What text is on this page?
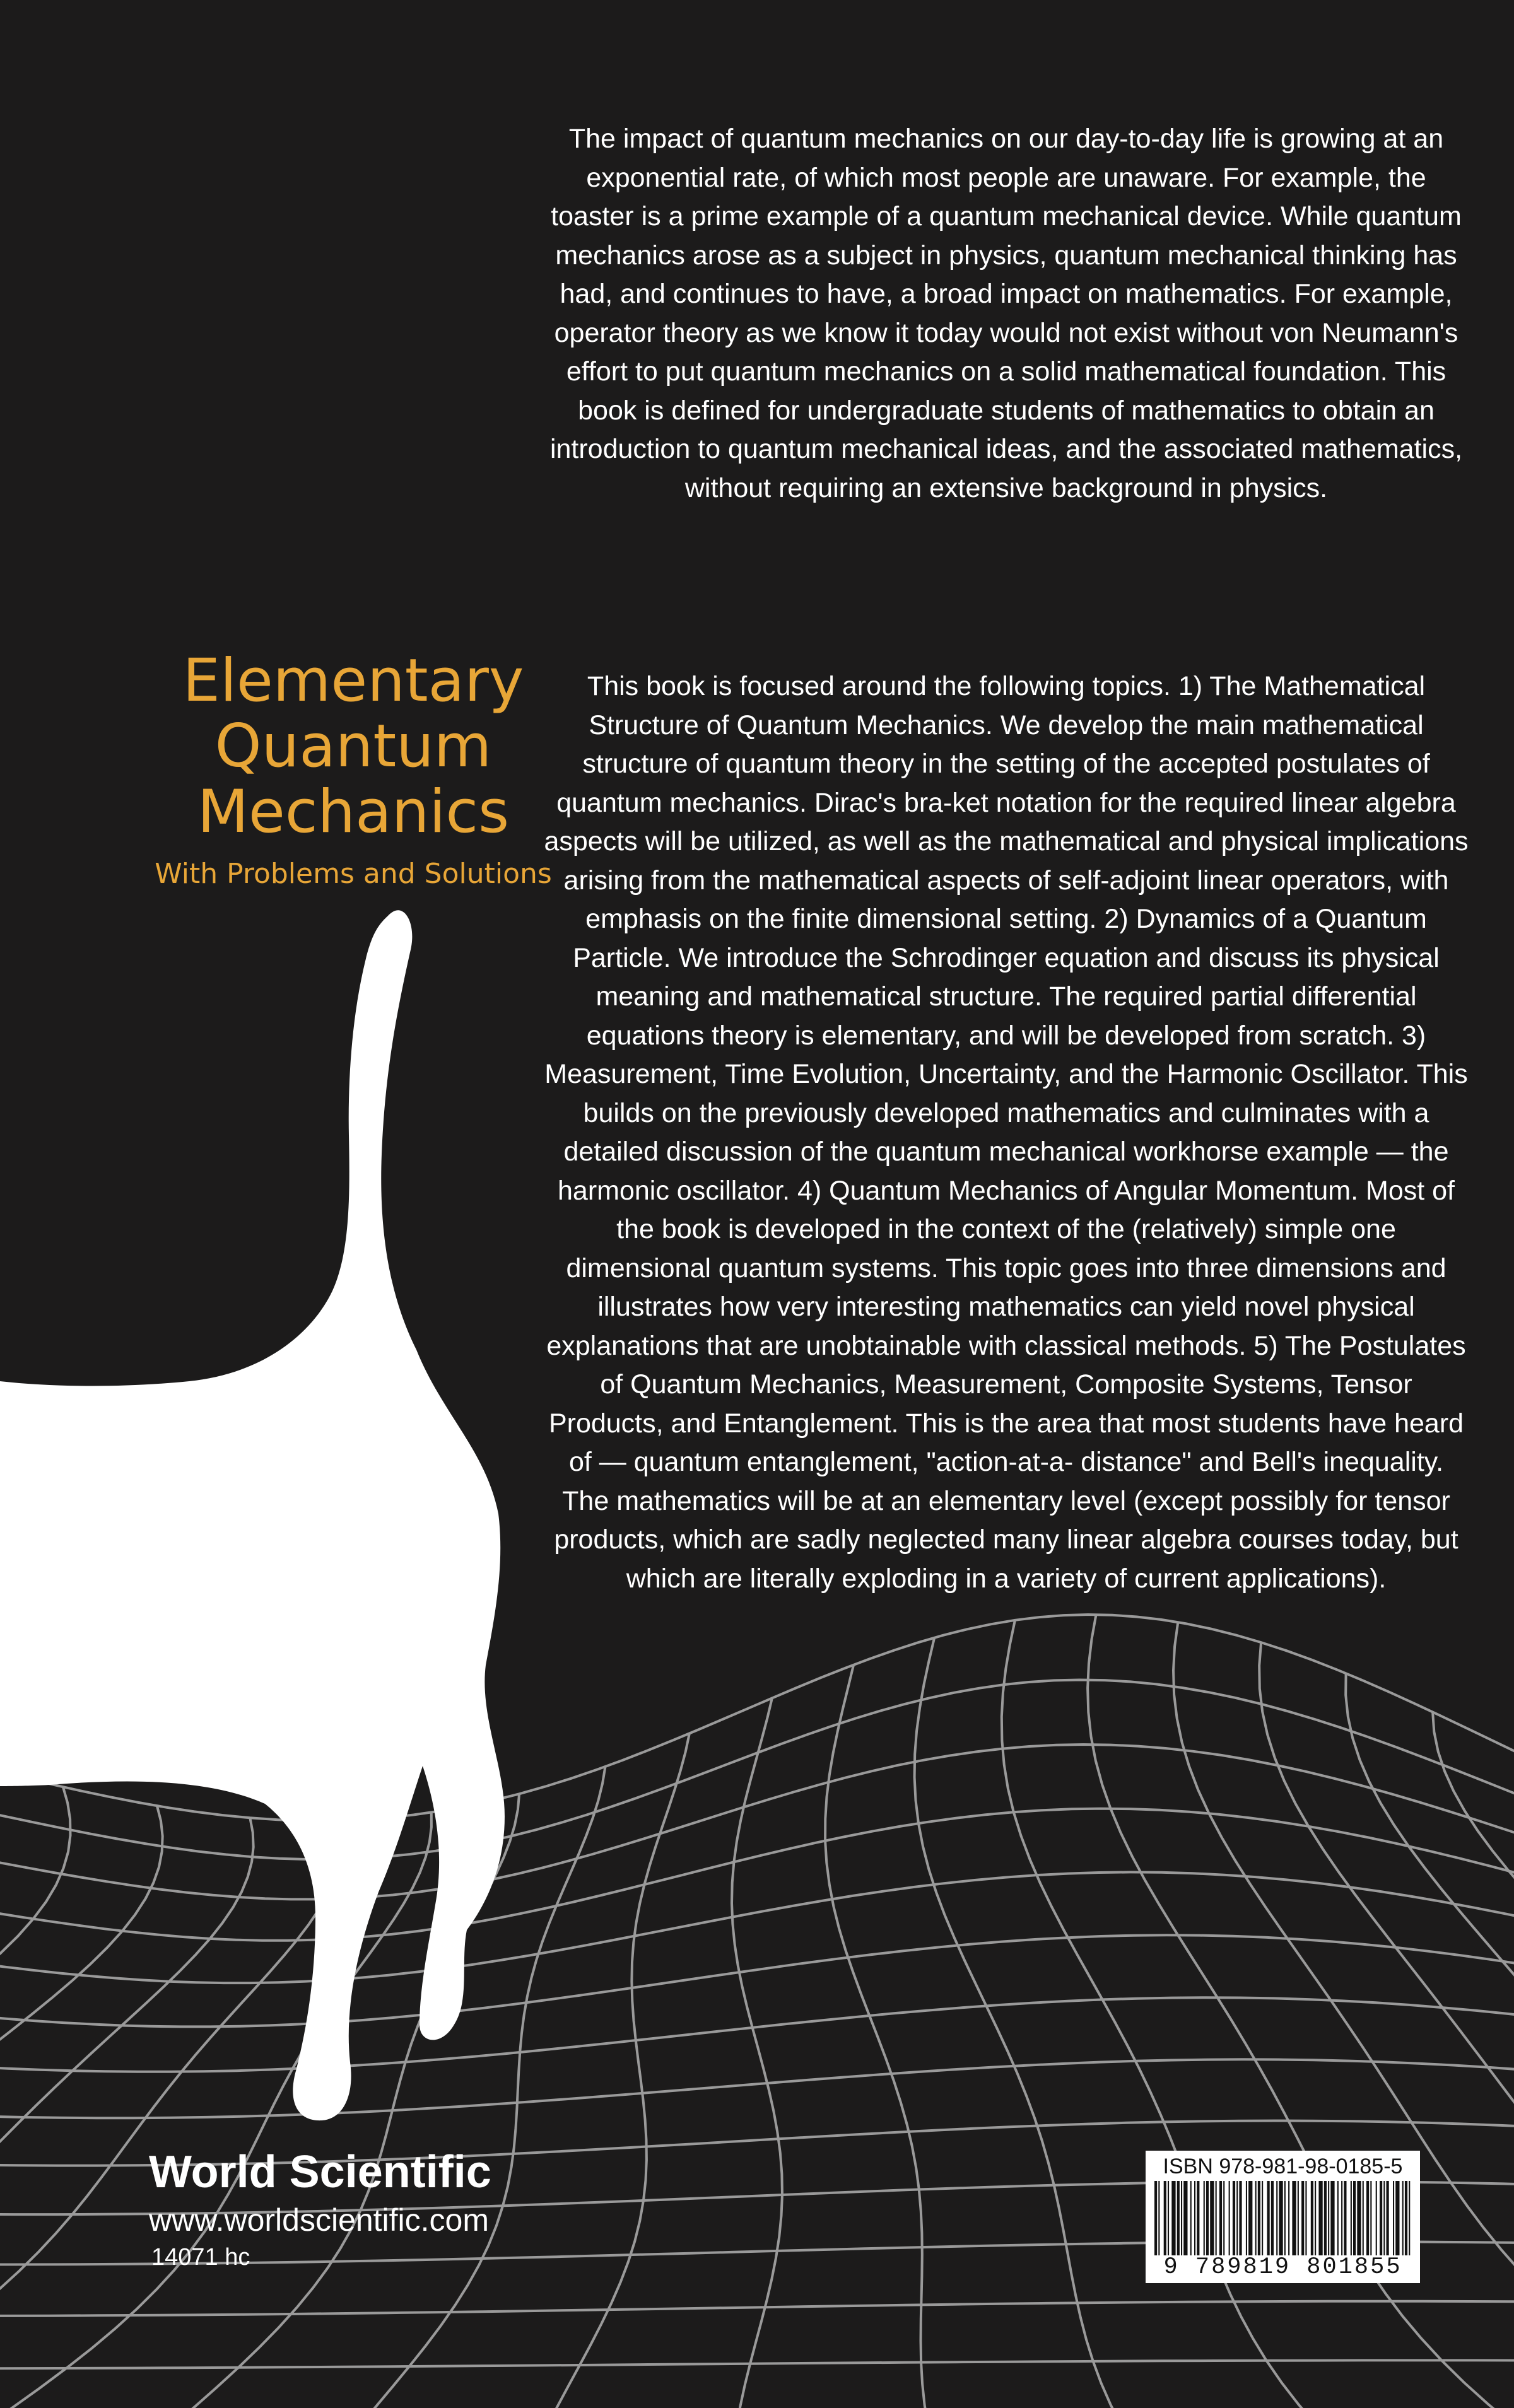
The impact of quantum mechanics on our day-to-day life is growing at an exponential rate, of which most people are unaware. For example, the toaster is a prime example of a quantum mechanical device. While quantum mechanics arose as a subject in physics, quantum mechanical thinking has had, and continues to have, a broad impact on mathematics. For example, operator theory as we know it today would not exist without von Neumann's effort to put quantum mechanics on a solid mathematical foundation. This book is defined for undergraduate students of mathematics to obtain an introduction to quantum mechanical ideas, and the associated mathematics, without requiring an extensive background in physics.
This book is focused around the following topics. 1) The Mathematical Structure of Quantum Mechanics. We develop the main mathematical structure of quantum theory in the setting of the accepted postulates of quantum mechanics. Dirac's bra-ket notation for the required linear algebra aspects will be utilized, as well as the mathematical and physical implications arising from the mathematical aspects of self-adjoint linear operators, with emphasis on the finite dimensional setting. 2) Dynamics of a Quantum Particle. We introduce the Schrodinger equation and discuss its physical meaning and mathematical structure. The required partial differential equations theory is elementary, and will be developed from scratch. 3) Measurement, Time Evolution, Uncertainty, and the Harmonic Oscillator. This builds on the previously developed mathematics and culminates with a detailed discussion of the quantum mechanical workhorse example — the harmonic oscillator. 4) Quantum Mechanics of Angular Momentum. Most of the book is developed in the context of the (relatively) simple one dimensional quantum systems. This topic goes into three dimensions and illustrates how very interesting mathematics can yield novel physical explanations that are unobtainable with classical methods. 5) The Postulates of Quantum Mechanics, Measurement, Composite Systems, Tensor Products, and Entanglement. This is the area that most students have heard of — quantum entanglement, "action-at-a- distance" and Bell's inequality. The mathematics will be at an elementary level (except possibly for tensor products, which are sadly neglected many linear algebra courses today, but which are literally exploding in a variety of current applications).
Elementary
Quantum
Mechanics
With Problems and Solutions
World Scientific
www.worldscientific.com
14071 hc
ISBN 978-981-98-0185-5
9 789819 801855
